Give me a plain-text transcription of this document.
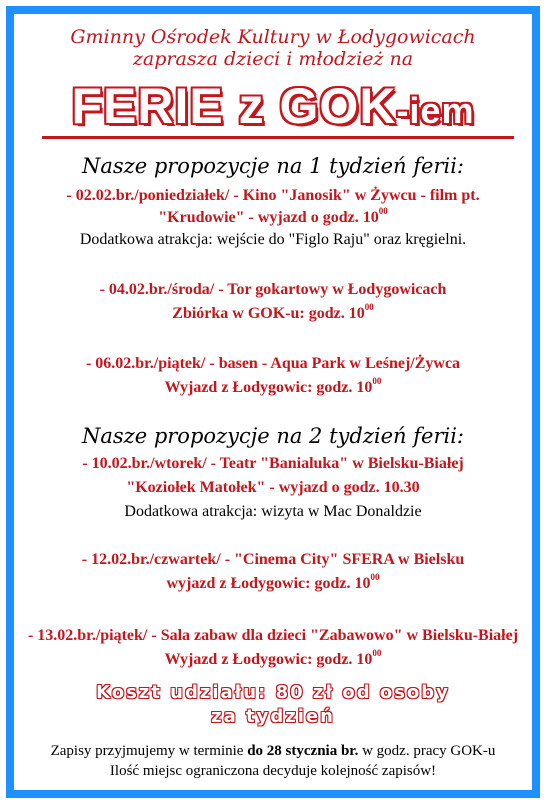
Gminny Ośrodek Kultury w Łodygowicach
zaprasza dzieci i młodzież na
FERIE z GOK-iem
Nasze propozycje na 1 tydzień ferii:
- 02.02.br./poniedziałek/ - Kino "Janosik" w Żywcu - film pt.
"Krudowie" - wyjazd o godz. $10^{00}$
Dodatkowa atrakcja: wejście do "Figlo Raju" oraz kręgielni.
- 04.02.br./środa/ - Tor gokartowy w Łodygowicach
Zbiórka w GOK-u: godz. $10^{00}$
- 06.02.br./piątek/ - basen - Aqua Park w Leśnej/Żywca
Wyjazd z Łodygowic: godz. $10^{00}$
Nasze propozycje na 2 tydzień ferii:
- 10.02.br./wtorek/ - Teatr "Banialuka" w Bielsku-Białej
"Koziołek Matołek" - wyjazd o godz. 10.30
Dodatkowa atrakcja: wizyta w Mac Donaldzie
- 12.02.br./czwartek/ - "Cinema City" SFERA w Bielsku
wyjazd z Łodygowic: godz. $10^{00}$
- 13.02.br./piątek/ - Sala zabaw dla dzieci "Zabawowo" w Bielsku-Białej
Wyjazd z Łodygowic: godz. $10^{00}$
Koszt udziału: 80 zł od osoby
za tydzień
Zapisy przyjmujemy w terminie do 28 stycznia br. w godz. pracy GOK-u
Ilość miejsc ograniczona decyduje kolejność zapisów!
